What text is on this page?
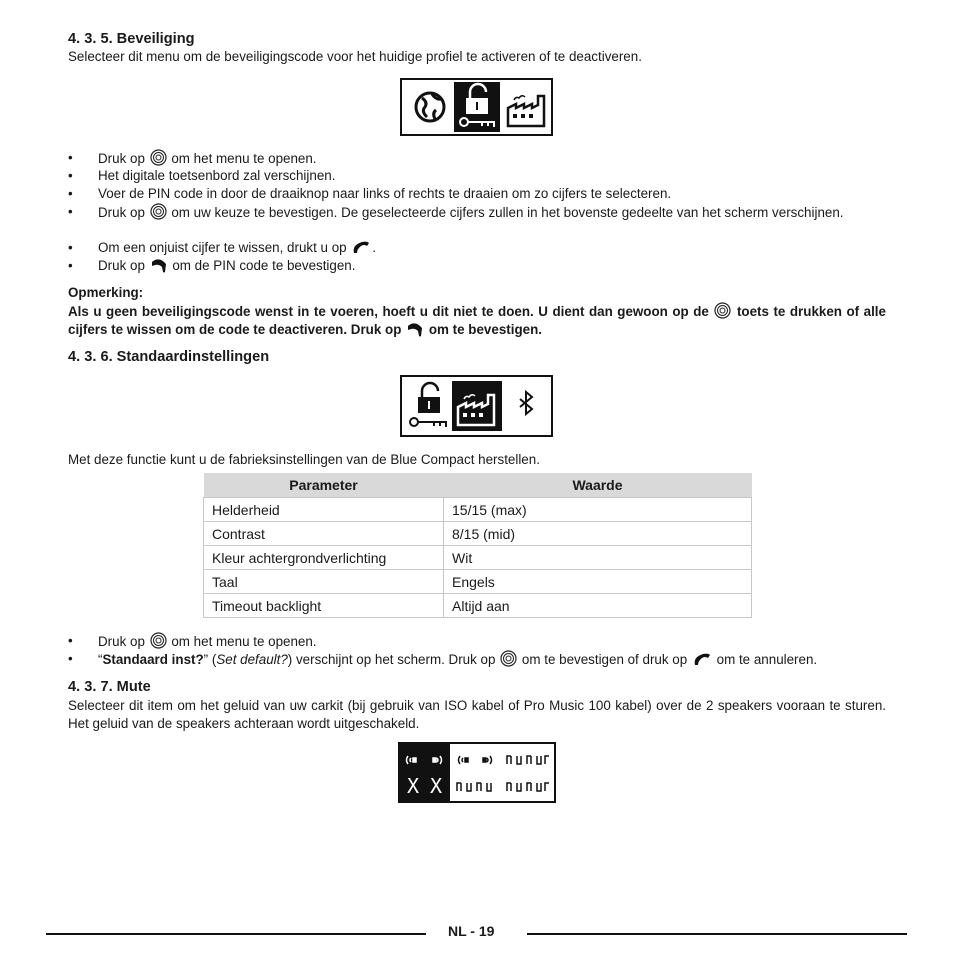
4. 3. 5. Beveiliging

Selecteer dit menu om de beveiligingscode voor het huidige profiel te activeren of te deactiveren.

• Druk op om het menu te openen.
• Het digitale toetsenbord zal verschijnen.
• Voer de PIN code in door de draaiknop naar links of rechts te draaien om zo cijfers te selecteren.
• Druk op om uw keuze te bevestigen. De geselecteerde cijfers zullen in het bovenste gedeelte van het scherm verschijnen.
• Om een onjuist cijfer te wissen, drukt u op .
• Druk op om de PIN code te bevestigen.

Opmerking:

Als u geen beveiligingscode wenst in te voeren, hoeft u dit niet te doen. U dient dan gewoon op de toets te drukken of alle cijfers te wissen om de code te deactiveren. Druk op om te bevestigen.

4. 3. 6. Standaardinstellingen

Met deze functie kunt u de fabrieksinstellingen van de Blue Compact herstellen.

Parameter	Waarde
Helderheid	15/15 (max)
Contrast	8/15 (mid)
Kleur achtergrondverlichting	Wit
Taal	Engels
Timeout backlight	Altijd aan
• Druk op om het menu te openen.
• “Standaard inst?” (Set default?) verschijnt op het scherm. Druk op om te bevestigen of druk op om te annuleren.
4. 3. 7. Mute

Selecteer dit item om het geluid van uw carkit (bij gebruik van ISO kabel of Pro Music 100 kabel) over de 2 speakers vooraan te sturen. Het geluid van de speakers achteraan wordt uitgeschakeld.

X X
NL - 19
